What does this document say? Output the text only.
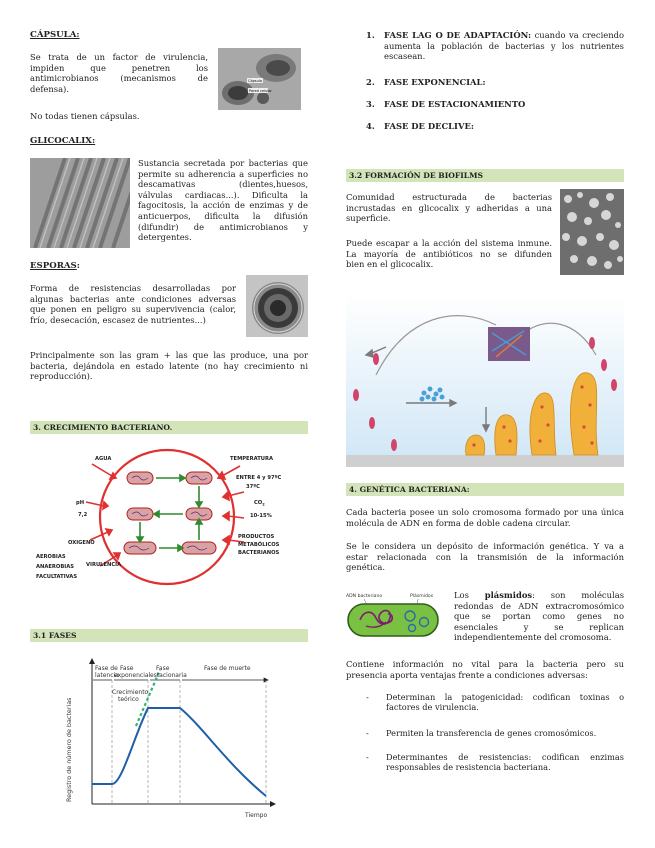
CÁPSULA:
Se trata de un factor de virulencia,
impiden que penetren los
antimicrobianos (mecanismos de
defensa).
No todas tienen cápsulas.
Cápsula
Pared celular
GLICOCALIX:
Sustancia secretada por bacterias que
permite su adherencia a superficies no
descamativas (dientes,huesos,
válvulas cardiacas...). Dificulta la
fagocitosis, la acción de enzimas y de
anticuerpos, dificulta la difusión
(difundir) de antimicrobianos y
detergentes.
ESPORAS:
Forma de resistencias desarrolladas por
algunas bacterias ante condiciones adversas
que ponen en peligro su supervivencia (calor,
frío, desecación, escasez de nutrientes...)
Principalmente son las gram + las que las produce, una por
bacteria, dejándola en estado latente (no hay crecimiento ni
reproducción).
3. CRECIMIENTO BACTERIANO.
AGUA
pH
7,2
OXIGENO
AEROBIAS
ANAEROBIAS
FACULTATIVAS
VIRULENCIA
TEMPERATURA
ENTRE 4 y 97ºC
37ºC
$CO_2$
10-15%
PRODUCTOS
METABÓLICOS
BACTERIANOS
3.1 FASES
Fase de
latencia
Fase
exponencial
Fase
estacionaria
Fase de muerte
Crecimiento
teórico
Tiempo
Registro de número de bacterias
1. FASE LAG O DE ADAPTACIÓN: cuando va creciendo
aumenta la población de bacterias y los nutrientes
escasean.
2. FASE EXPONENCIAL:
3. FASE DE ESTACIONAMIENTO
4. FASE DE DECLIVE:
3.2 FORMACIÓN DE BIOFILMS
Comunidad estructurada de bacterias
incrustadas en glicocalix y adheridas a una
superficie.
Puede escapar a la acción del sistema inmune.
La mayoría de antibióticos no se difunden
bien en el glicocalix.
4. GENÉTICA BACTERIANA:
Cada bacteria posee un solo cromosoma formado por una única
molécula de ADN en forma de doble cadena circular.
Se le considera un depósito de información genética. Y va a
estar relacionada con la transmisión de la información
genética.
ADN bacteriano	Plásmidos Los plásmidos: son moléculas
redondas de ADN extracromosómico
que se portan como genes no
esenciales y se replican
independientemente del cromosoma.
Contiene información no vital para la bacteria pero su
presencia aporta ventajas frente a condiciones adversas:
- Determinan la patogenicidad: codifican toxinas o
factores de virulencia.
- Permiten la transferencia de genes cromosómicos.
- Determinantes de resistencias: codifican enzimas
responsables de resistencia bacteriana.
